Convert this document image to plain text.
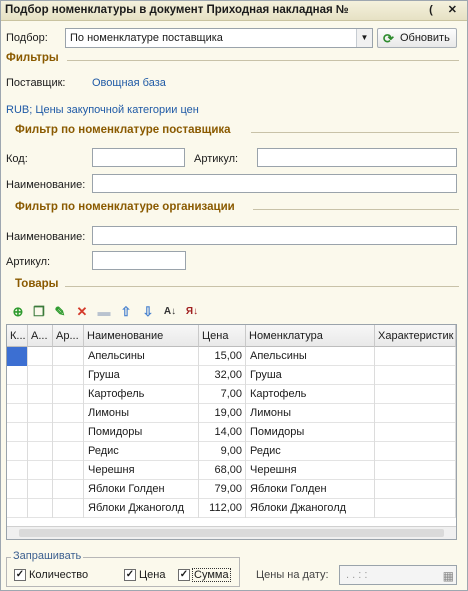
Подбор номенклатуры в документ Приходная накладная №	( ✕
Подбор:	По номенклатуре поставщика	▼ ⟳ Обновить
Фильтры
Поставщик: Овощная база
RUB; Цены закупочной категории цен
Фильтр по номенклатуре поставщика
Код:	Артикул:
Наименование:
Фильтр по номенклатуре организации
Наименование:
Артикул:
Товары
⊕ ❐ ✎ ✕ ▬ ⇧ ⇩	A↓ Я↓
К... А... Ар... Наименование	Цена	Номенклатура	Характеристик
Апельсины	15,00 Апельсины
Груша	32,00 Груша
Картофель	7,00 Картофель
Лимоны	19,00 Лимоны
Помидоры	14,00 Помидоры
Редис	9,00 Редис
Черешня	68,00 Черешня
Яблоки Голден	79,00 Яблоки Голден
Яблоки Джаноголд	112,00 Яблоки Джаноголд
Запрашивать
✓ Количество	✓ Цена ✓ Сумма Цены на дату:	. . : :	▦
